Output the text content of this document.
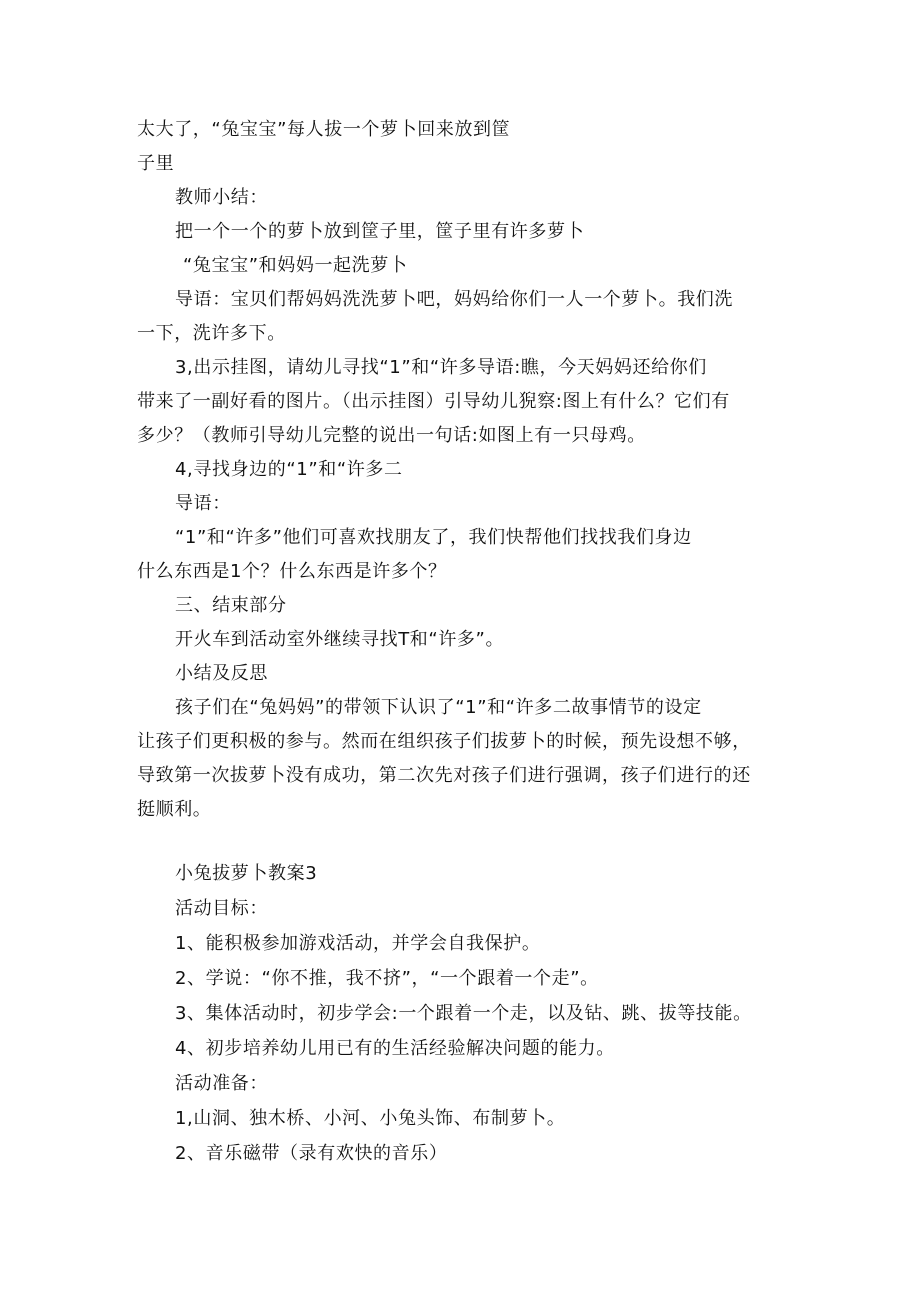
太大了，“兔宝宝”每人拔一个萝卜回来放到筐
子里
教师小结：
把一个一个的萝卜放到筐子里，筐子里有许多萝卜
“兔宝宝”和妈妈一起洗萝卜
导语：宝贝们帮妈妈洗洗萝卜吧，妈妈给你们一人一个萝卜。我们洗
一下，洗许多下。
3,出示挂图，请幼儿寻找“1”和“许多导语:瞧，今天妈妈还给你们
带来了一副好看的图片。（出示挂图）引导幼儿猊察:图上有什么？它们有
多少？（教师引导幼儿完整的说出一句话:如图上有一只母鸡。
4,寻找身边的“1”和“许多二
导语：
“1”和“许多”他们可喜欢找朋友了，我们快帮他们找找我们身边
什么东西是1个？什么东西是许多个？
三、结束部分
开火车到活动室外继续寻找T和“许多”。
小结及反思
孩子们在“兔妈妈”的带领下认识了“1”和“许多二故事情节的设定
让孩子们更积极的参与。然而在组织孩子们拔萝卜的时候，预先设想不够，
导致第一次拔萝卜没有成功，第二次先对孩子们进行强调，孩子们进行的还
挺顺利。
小兔拔萝卜教案3
活动目标：
1、能积极参加游戏活动，并学会自我保护。
2、学说：“你不推，我不挤”，“一个跟着一个走”。
3、集体活动时，初步学会:一个跟着一个走，以及钻、跳、拔等技能。
4、初步培养幼儿用已有的生活经验解决问题的能力。
活动准备：
1,山洞、独木桥、小河、小兔头饰、布制萝卜。
2、音乐磁带（录有欢快的音乐）
